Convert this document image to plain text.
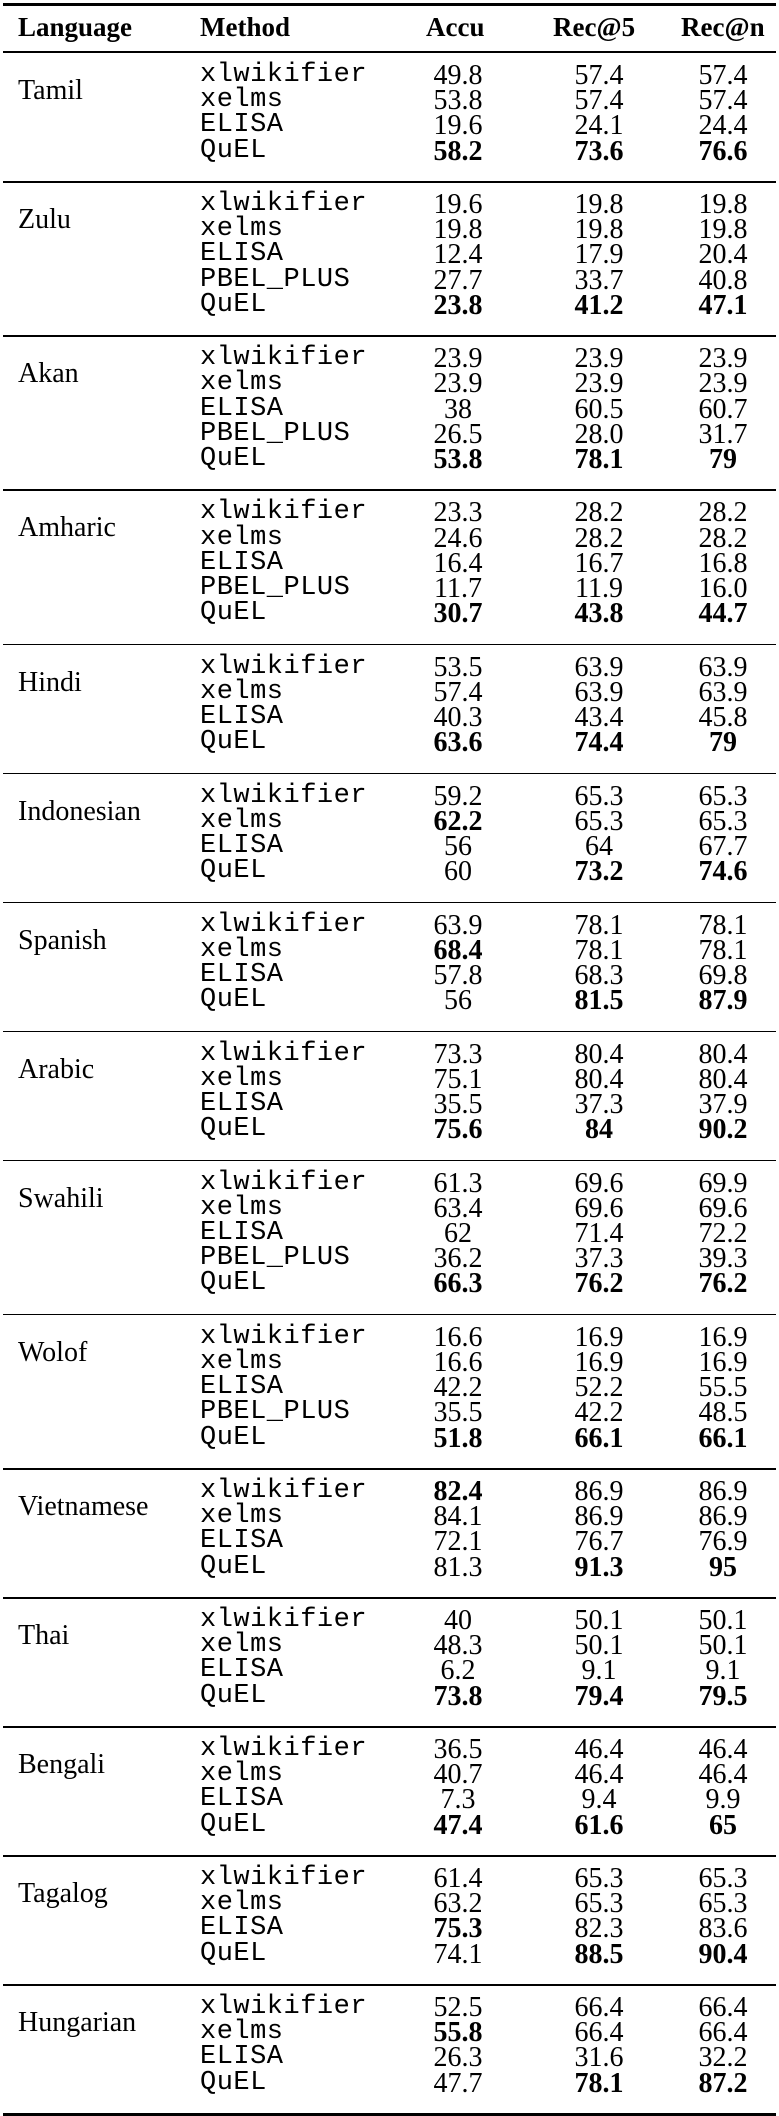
Language	Method	Accu	Rec@5 Rec@n
Tamil	xlwikifier	49.8	57.4	57.4
xelms	53.8	57.4	57.4
ELISA	19.6	24.1	24.4
QuEL	58.2	73.6	76.6
Zulu	xlwikifier	19.6	19.8	19.8
xelms	19.8	19.8	19.8
ELISA	12.4	17.9	20.4
PBEL_PLUS	27.7	33.7	40.8
QuEL	23.8	41.2	47.1
Akan	xlwikifier	23.9	23.9	23.9
xelms	23.9	23.9	23.9
ELISA	38	60.5	60.7
PBEL_PLUS	26.5	28.0	31.7
QuEL	53.8	78.1	79
Amharic	xlwikifier	23.3	28.2	28.2
xelms	24.6	28.2	28.2
ELISA	16.4	16.7	16.8
PBEL_PLUS	11.7	11.9	16.0
QuEL	30.7	43.8	44.7
Hindi	xlwikifier	53.5	63.9	63.9
xelms	57.4	63.9	63.9
ELISA	40.3	43.4	45.8
QuEL	63.6	74.4	79
Indonesian xlwikifier	59.2	65.3	65.3
xelms	62.2	65.3	65.3
ELISA	56	64	67.7
QuEL	60	73.2	74.6
Spanish	xlwikifier	63.9	78.1	78.1
xelms	68.4	78.1	78.1
ELISA	57.8	68.3	69.8
QuEL	56	81.5	87.9
Arabic	xlwikifier	73.3	80.4	80.4
xelms	75.1	80.4	80.4
ELISA	35.5	37.3	37.9
QuEL	75.6	84	90.2
Swahili	xlwikifier	61.3	69.6	69.9
xelms	63.4	69.6	69.6
ELISA	62	71.4	72.2
PBEL_PLUS	36.2	37.3	39.3
QuEL	66.3	76.2	76.2
Wolof	xlwikifier	16.6	16.9	16.9
xelms	16.6	16.9	16.9
ELISA	42.2	52.2	55.5
PBEL_PLUS	35.5	42.2	48.5
QuEL	51.8	66.1	66.1
Vietnamese xlwikifier	82.4	86.9	86.9
xelms	84.1	86.9	86.9
ELISA	72.1	76.7	76.9
QuEL	81.3	91.3	95
Thai	xlwikifier	40	50.1	50.1
xelms	48.3	50.1	50.1
ELISA	6.2	9.1	9.1
QuEL	73.8	79.4	79.5
Bengali	xlwikifier	36.5	46.4	46.4
xelms	40.7	46.4	46.4
ELISA	7.3	9.4	9.9
QuEL	47.4	61.6	65
Tagalog	xlwikifier	61.4	65.3	65.3
xelms	63.2	65.3	65.3
ELISA	75.3	82.3	83.6
QuEL	74.1	88.5	90.4
Hungarian xlwikifier	52.5	66.4	66.4
xelms	55.8	66.4	66.4
ELISA	26.3	31.6	32.2
QuEL	47.7	78.1	87.2
